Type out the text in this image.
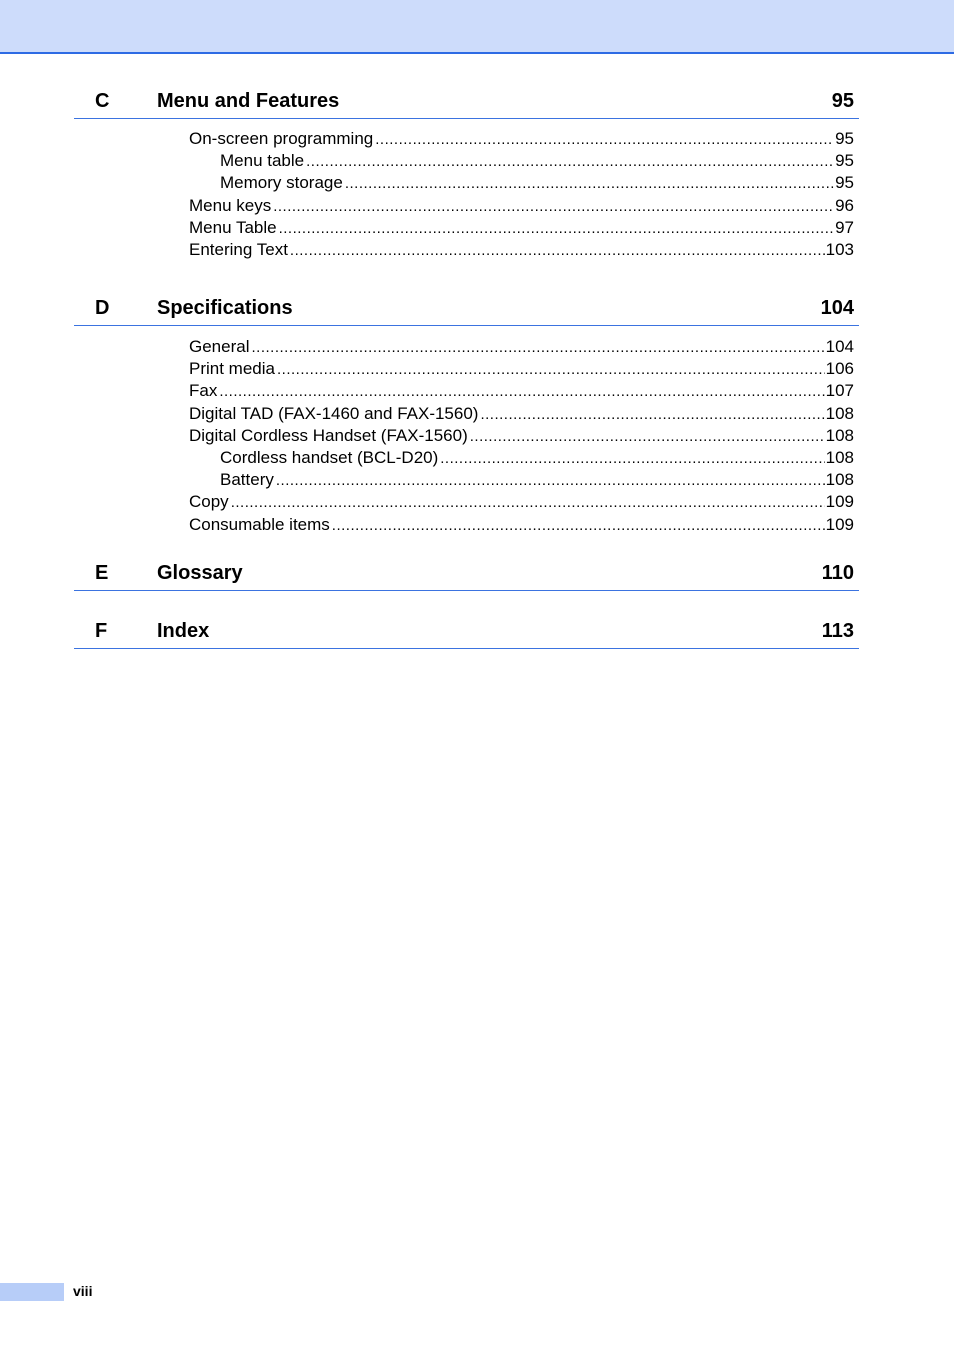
C Menu and Features	95
On-screen programming .....	95
Menu table .....	95
Memory storage .....	95
Menu keys .....	96
Menu Table .....	97
Entering Text .....	103
D Specifications	104
General .....	104
Print media .....	106
Fax .....	107
Digital TAD (FAX-1460 and FAX-1560) .....	108
Digital Cordless Handset (FAX-1560) .....	108
Cordless handset (BCL-D20) .....	108
Battery .....	108
Copy .....	109
Consumable items .....	109
E Glossary	110
F Index	113
viii
